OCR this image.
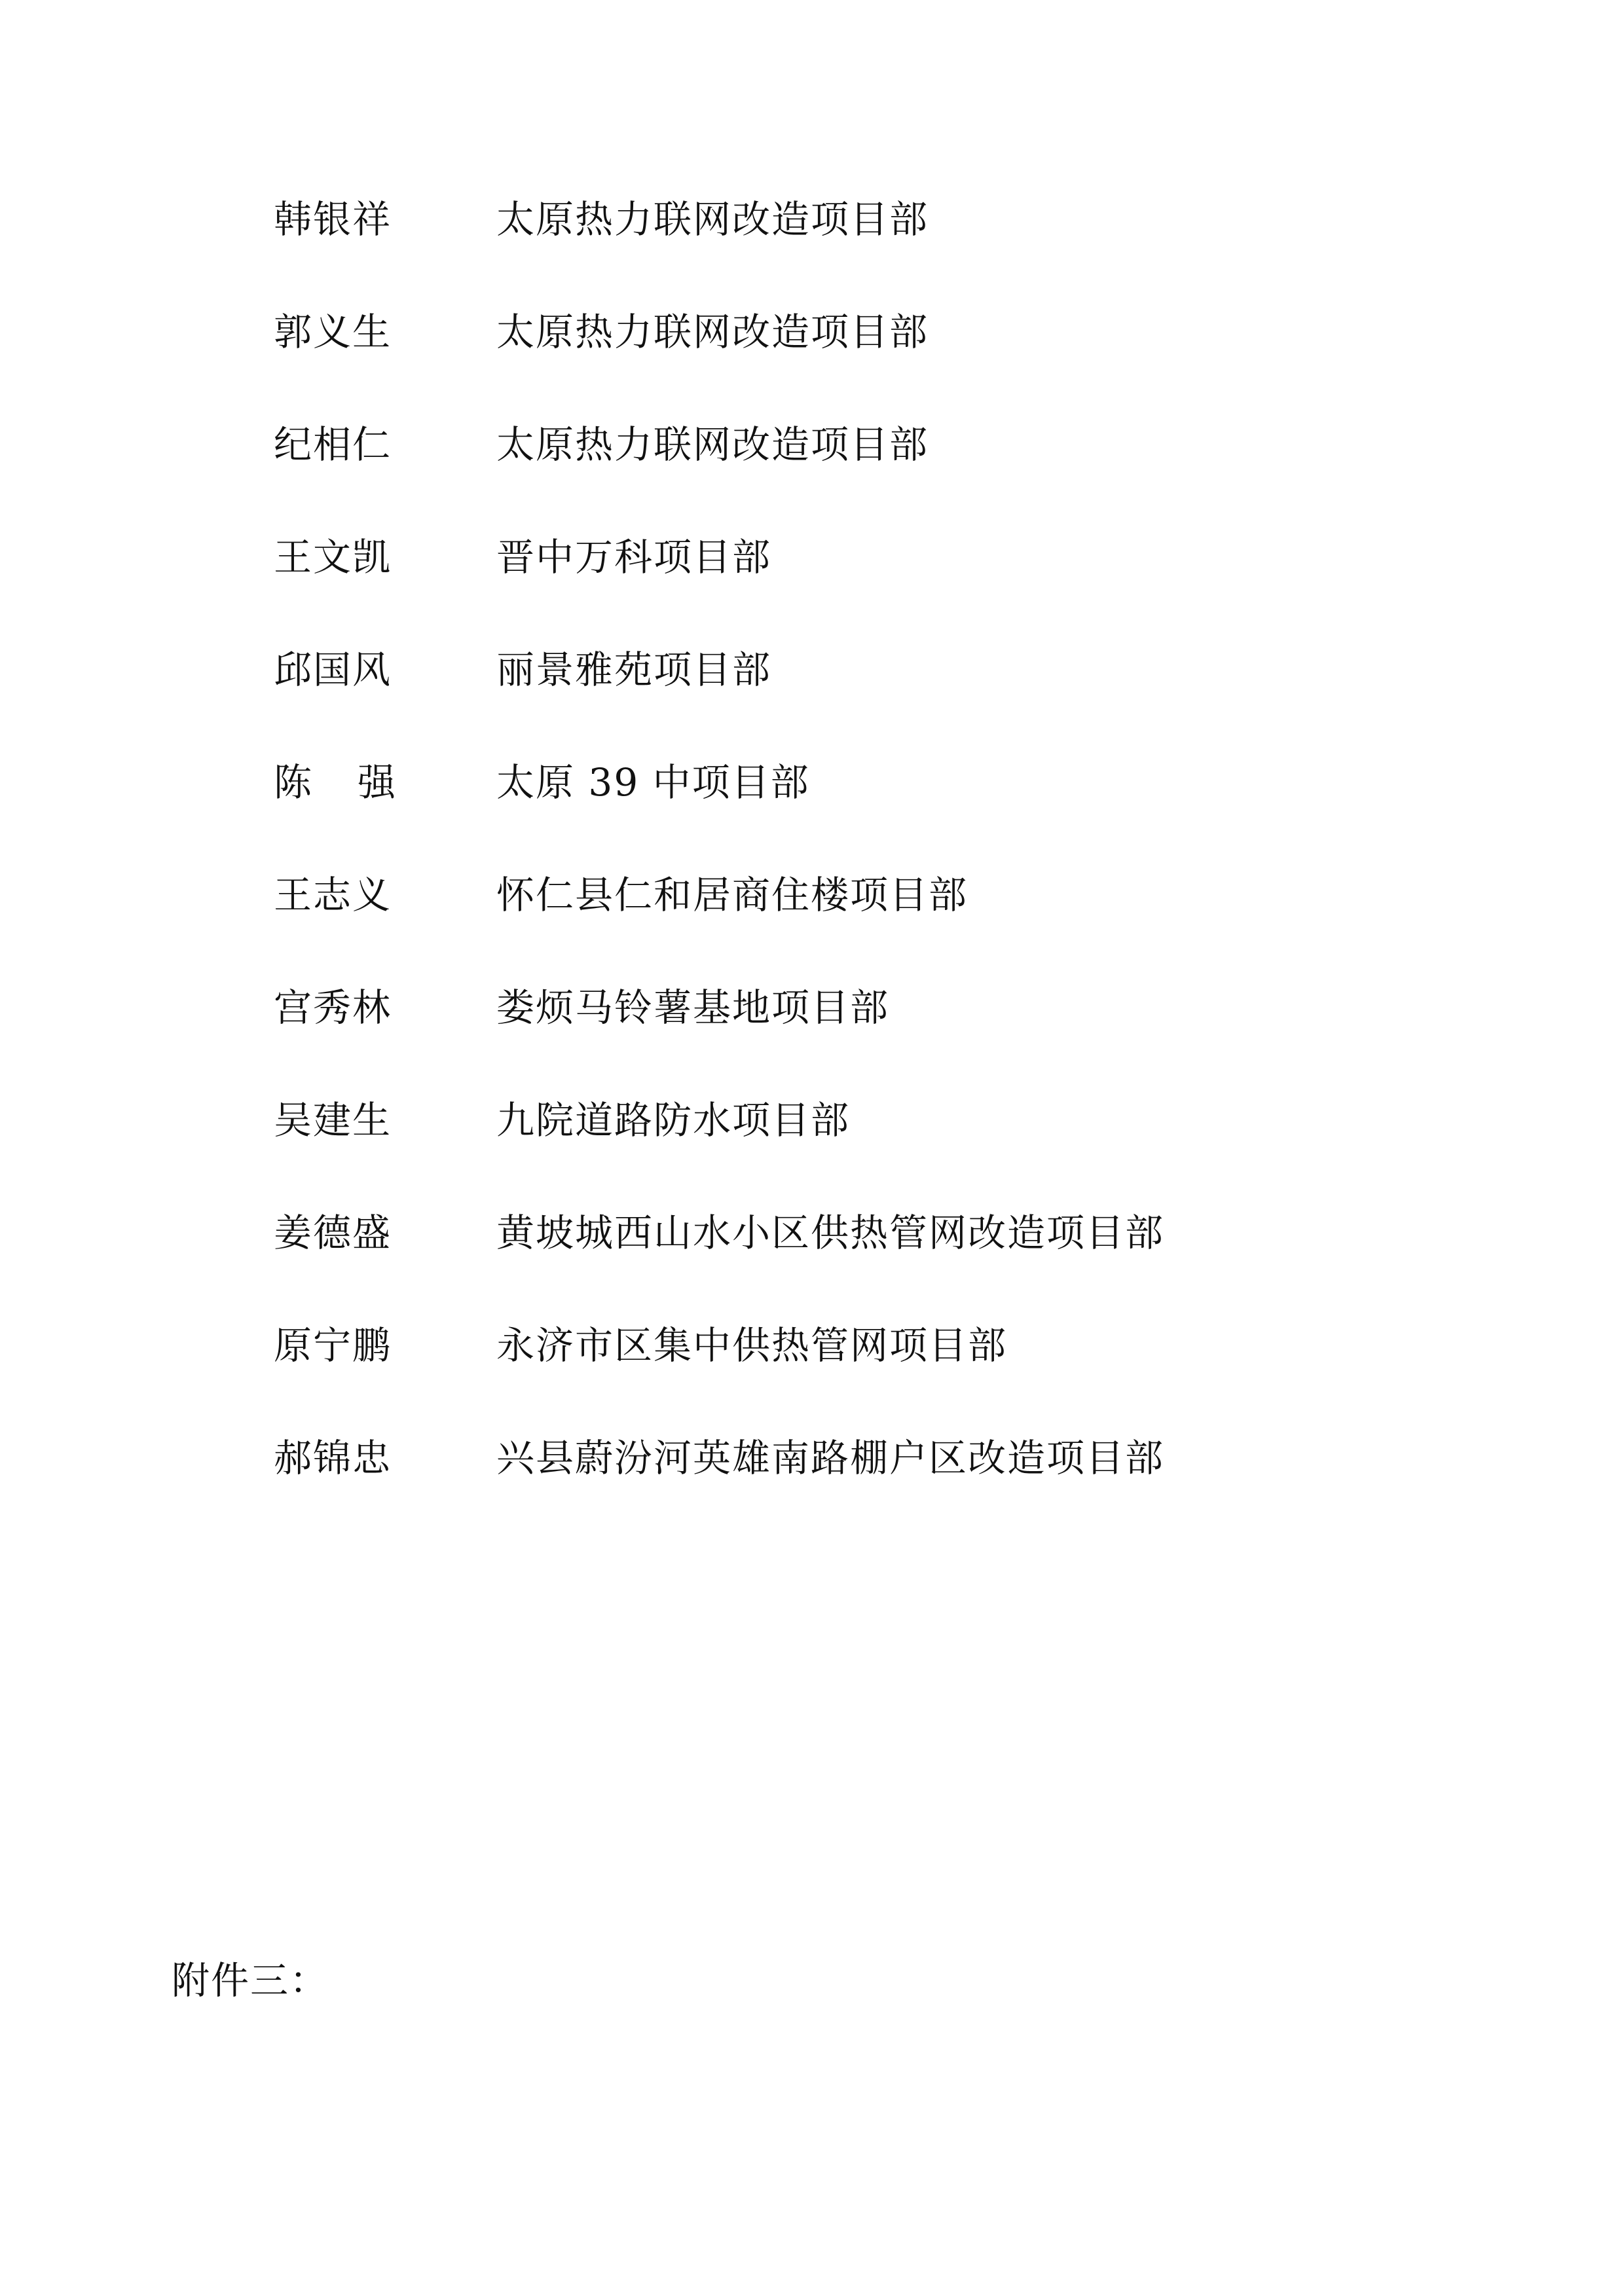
韩银祥	太原热力联网改造项目部
郭义生	太原热力联网改造项目部
纪相仁	太原热力联网改造项目部
王文凯	晋中万科项目部
邱国风	丽景雅苑项目部
陈 强	太原 39 中项目部
王志义	怀仁县仁和居商住楼项目部
宫秀林	娄烦马铃薯基地项目部
吴建生	九院道路防水项目部
姜德盛	黄坡城西山水小区供热管网改造项目部
原宁鹏	永济市区集中供热管网项目部
郝锦忠	兴县蔚汾河英雄南路棚户区改造项目部
附件三：
